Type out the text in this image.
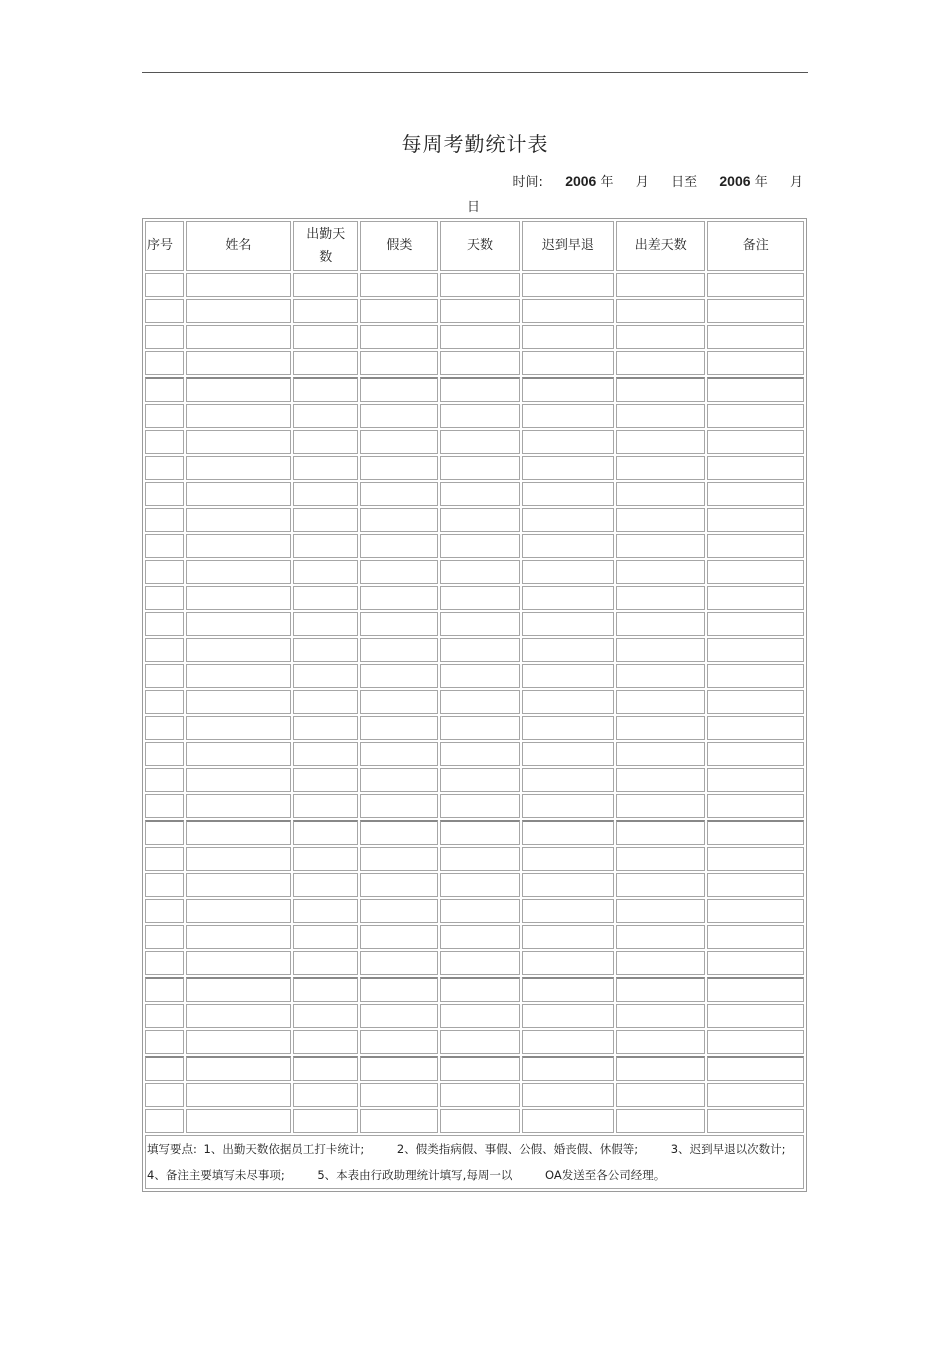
每周考勤统计表
时间: 2006 年 月 日至 2006 年 月
日
序号	姓名	出勤天数	假类	天数	迟到早退	出差天数	备注

填写要点: 1、出勤天数依据员工打卡统计; 2、假类指病假、事假、公假、婚丧假、休假等; 3、迟到早退以次数计; 4、备注主要填写未尽事项; 5、本表由行政助理统计填写,每周一以 OA发送至各公司经理。							
